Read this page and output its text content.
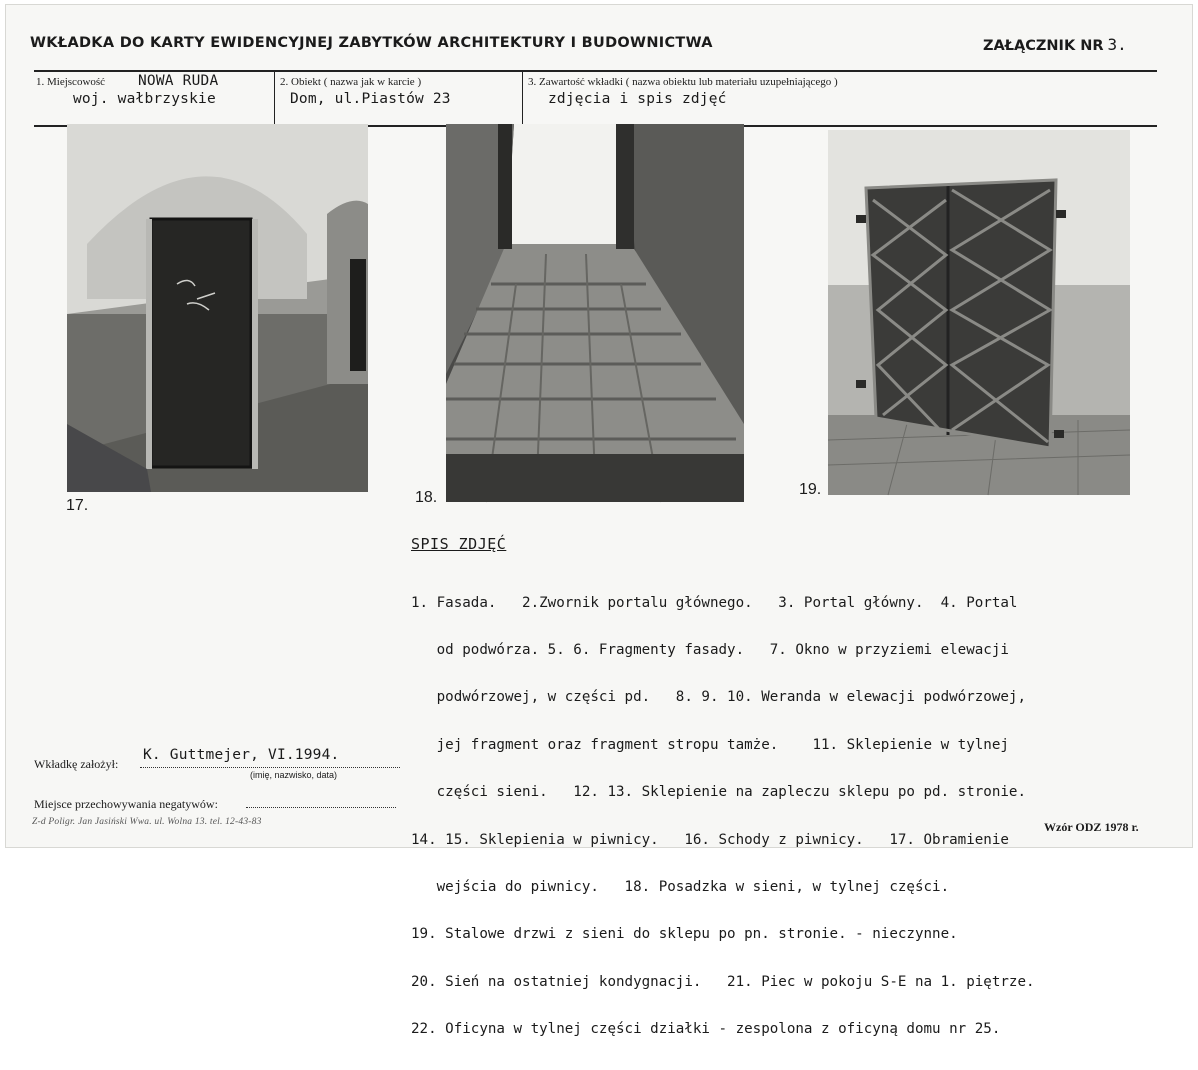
WKŁADKA DO KARTY EWIDENCYJNEJ ZABYTKÓW ARCHITEKTURY I BUDOWNICTWA	ZAŁĄCZNIK NR 3.
1. Miejscowość NOWA RUDA
woj. wałbrzyskie
2. Obiekt ( nazwa jak w karcie )
Dom, ul.Piastów 23
3. Zawartość wkładki ( nazwa obiektu lub materiału uzupełniającego )
zdjęcia i spis zdjęć
17.	18.	19.
SPIS ZDJĘĆ

1. Fasada.   2.Zwornik portalu głównego.   3. Portal główny.  4. Portal

od podwórza. 5. 6. Fragmenty fasady.   7. Okno w przyziemi elewacji

podwórzowej, w części pd.   8. 9. 10. Weranda w elewacji podwórzowej,

jej fragment oraz fragment stropu tamże.    11. Sklepienie w tylnej

części sieni.   12. 13. Sklepienie na zapleczu sklepu po pd. stronie.

14. 15. Sklepienia w piwnicy.   16. Schody z piwnicy.   17. Obramienie

wejścia do piwnicy.   18. Posadzka w sieni, w tylnej części.

19. Stalowe drzwi z sieni do sklepu po pn. stronie. - nieczynne.

20. Sień na ostatniej kondygnacji.   21. Piec w pokoju S-E na 1. piętrze.

22. Oficyna w tylnej części działki - zespolona z oficyną domu nr 25.

Wkładkę założył:
K. Guttmejer, VI.1994.
(imię, nazwisko, data)
Miejsce przechowywania negatywów:
Z-d Poligr. Jan Jasiński Wwa. ul. Wolna 13. tel. 12-43-83	Wzór ODZ 1978 r.
